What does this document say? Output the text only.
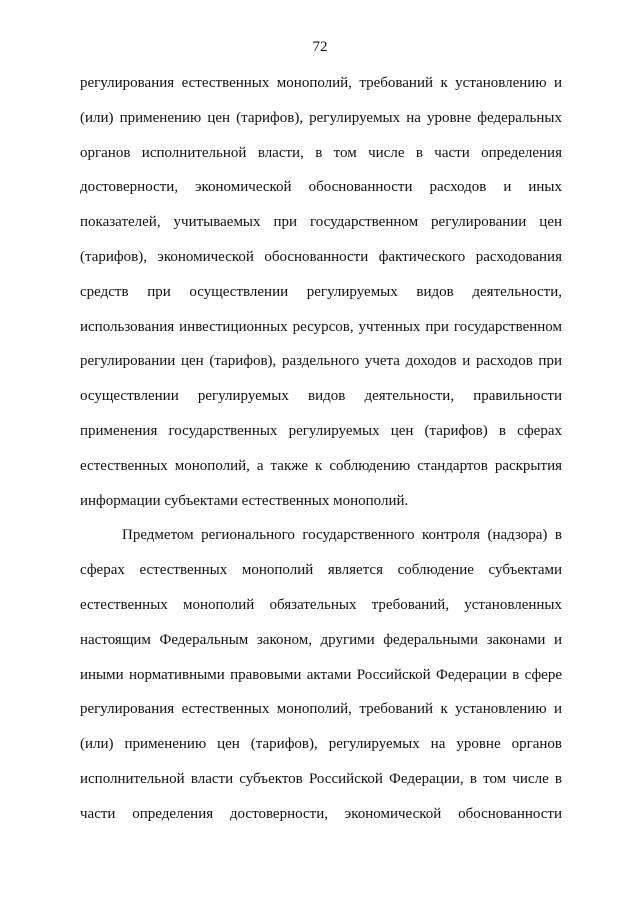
72
регулирования естественных монополий, требований к установлению и
(или) применению цен (тарифов), регулируемых на уровне федеральных
органов исполнительной власти, в том числе в части определения
достоверности, экономической обоснованности расходов и иных
показателей, учитываемых при государственном регулировании цен
(тарифов), экономической обоснованности фактического расходования
средств при осуществлении регулируемых видов деятельности,
использования инвестиционных ресурсов, учтенных при государственном
регулировании цен (тарифов), раздельного учета доходов и расходов при
осуществлении регулируемых видов деятельности, правильности
применения государственных регулируемых цен (тарифов) в сферах
естественных монополий, а также к соблюдению стандартов раскрытия
информации субъектами естественных монополий.
Предметом регионального государственного контроля (надзора) в
сферах естественных монополий является соблюдение субъектами
естественных монополий обязательных требований, установленных
настоящим Федеральным законом, другими федеральными законами и
иными нормативными правовыми актами Российской Федерации в сфере
регулирования естественных монополий, требований к установлению и
(или) применению цен (тарифов), регулируемых на уровне органов
исполнительной власти субъектов Российской Федерации, в том числе в
части определения достоверности, экономической обоснованности
